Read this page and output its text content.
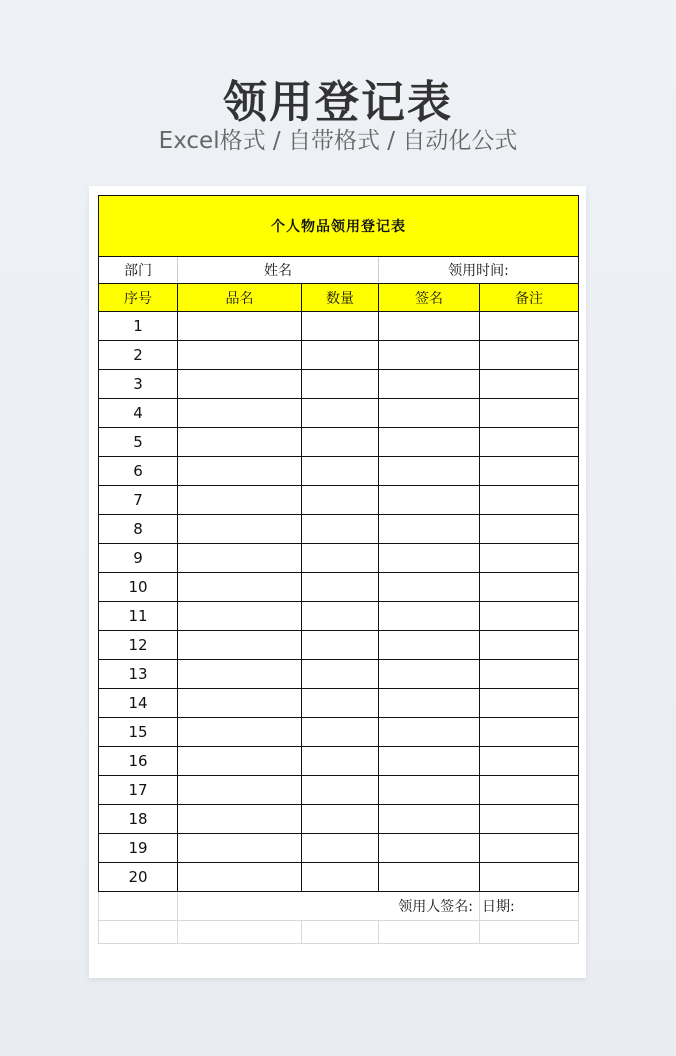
领用登记表
Excel格式 / 自带格式 / 自动化公式
个人物品领用登记表				
部门	姓名		领用时间:	
序号	品名	数量	签名	备注
1				
2				
3				
4				
5				
6				
7				
8				
9				
10				
11				
12				
13				
14				
15				
16				
17				
18				
19				
20				
	领用人签名:			日期:
